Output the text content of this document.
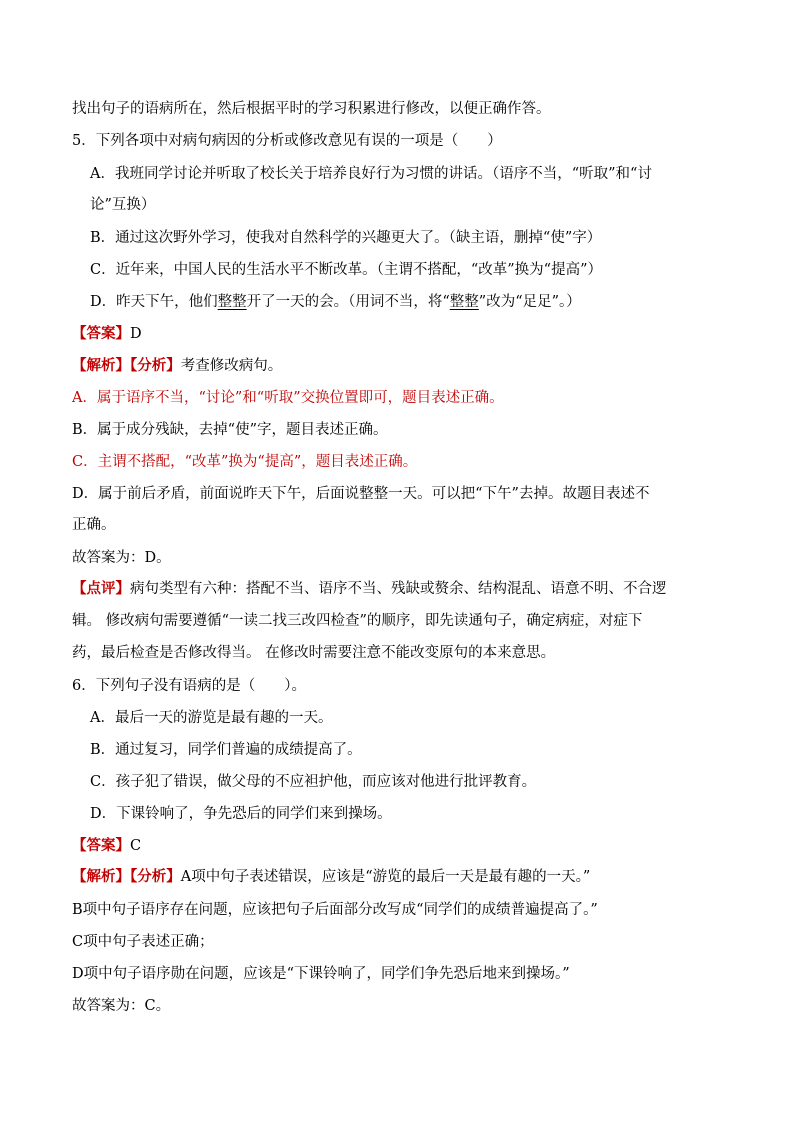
找出句子的语病所在，然后根据平时的学习积累进行修改，以便正确作答。
5．下列各项中对病句病因的分析或修改意见有误的一项是（　　）
A．我班同学讨论并听取了校长关于培养良好行为习惯的讲话。（语序不当，“听取”和“讨
论”互换）
B．通过这次野外学习，使我对自然科学的兴趣更大了。（缺主语，删掉“使”字）
C．近年来，中国人民的生活水平不断改革。（主谓不搭配，“改革”换为“提高”）
D．昨天下午，他们整整开了一天的会。（用词不当，将“整整”改为“足足”。）
【答案】D
【解析】【分析】考查修改病句。
A．属于语序不当，“讨论”和“听取”交换位置即可，题目表述正确。
B．属于成分残缺，去掉“使”字，题目表述正确。
C．主谓不搭配，“改革”换为“提高”，题目表述正确。
D．属于前后矛盾，前面说昨天下午，后面说整整一天。可以把“下午”去掉。故题目表述不
正确。
故答案为：D。
【点评】病句类型有六种：搭配不当、语序不当、残缺或赘余、结构混乱、语意不明、不合逻
辑。 修改病句需要遵循“一读二找三改四检查”的顺序，即先读通句子，确定病症，对症下
药，最后检查是否修改得当。 在修改时需要注意不能改变原句的本来意思。
6．下列句子没有语病的是（　　）。
A．最后一天的游览是最有趣的一天。
B．通过复习，同学们普遍的成绩提高了。
C．孩子犯了错误，做父母的不应袒护他，而应该对他进行批评教育。
D．下课铃响了，争先恐后的同学们来到操场。
【答案】C
【解析】【分析】A项中句子表述错误，应该是“游览的最后一天是最有趣的一天。”
B项中句子语序存在问题，应该把句子后面部分改写成“同学们的成绩普遍提高了。”
C项中句子表述正确；
D项中句子语序勋在问题，应该是“下课铃响了，同学们争先恐后地来到操场。”
故答案为：C。
